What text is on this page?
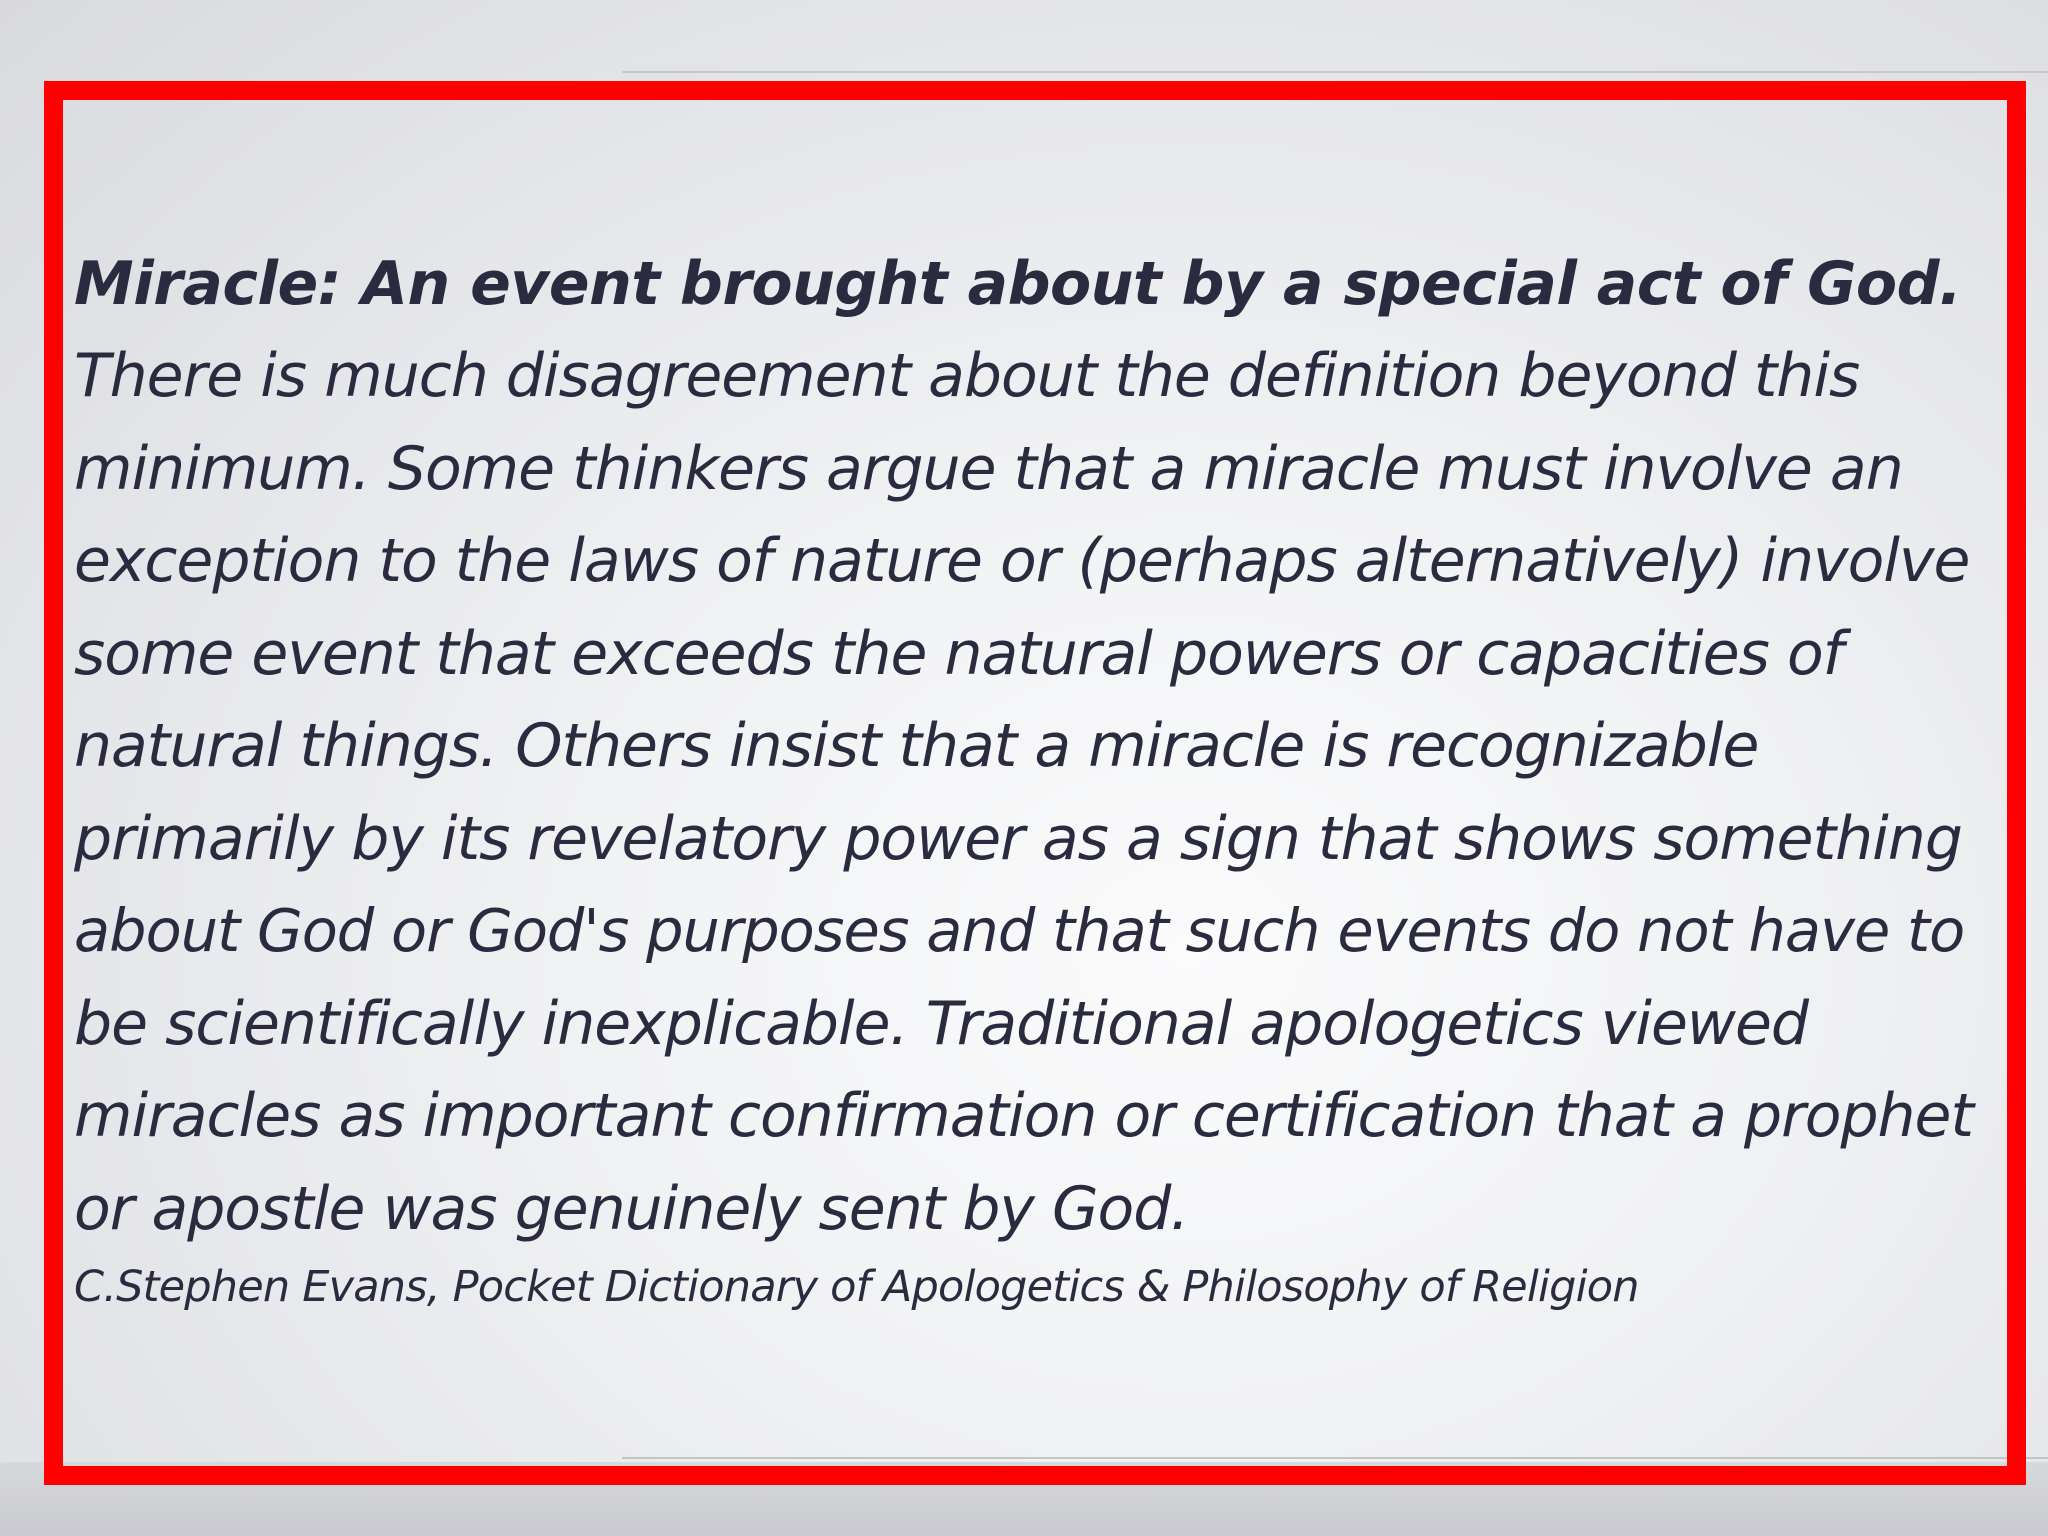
Miracle: An event brought about by a special act of God.

There is much disagreement about the definition beyond this

minimum. Some thinkers argue that a miracle must involve an

exception to the laws of nature or (perhaps alternatively) involve

some event that exceeds the natural powers or capacities of

natural things. Others insist that a miracle is recognizable

primarily by its revelatory power as a sign that shows something

about God or God's purposes and that such events do not have to

be scientifically inexplicable. Traditional apologetics viewed

miracles as important confirmation or certification that a prophet

or apostle was genuinely sent by God.

C.Stephen Evans, Pocket Dictionary of Apologetics & Philosophy of Religion
